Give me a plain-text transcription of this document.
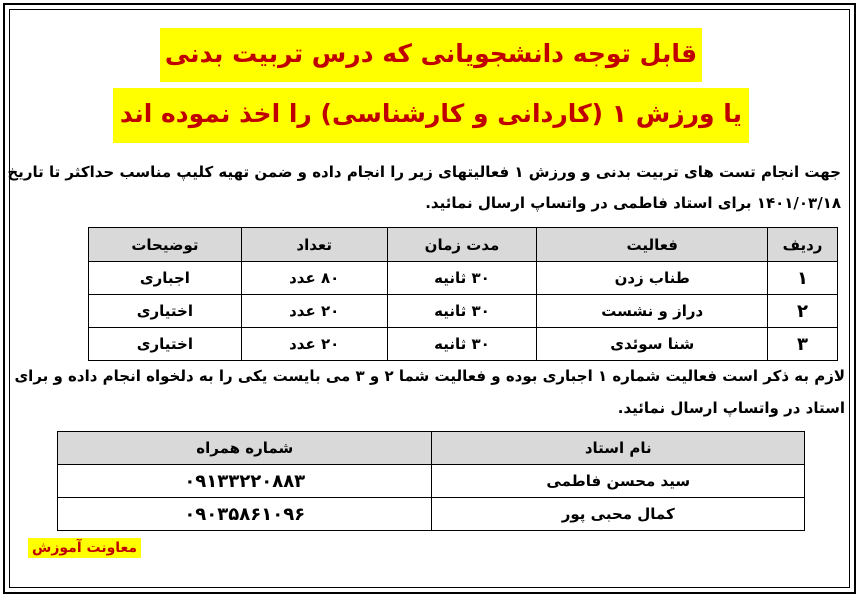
قابل توجه دانشجویانی که درس تربیت بدنی
یا ورزش ۱ (کاردانی و کارشناسی) را اخذ نموده اند
جهت انجام تست های تربیت بدنی و ورزش ۱ فعالیتهای زیر را انجام داده و ضمن تهیه کلیپ مناسب حداکثر تا تاریخ
۱۴۰۱/۰۳/۱۸ برای استاد فاطمی در واتساپ ارسال نمائید.
ردیف	فعالیت	مدت زمان	تعداد	توضیحات
۱	طناب زدن	۳۰ ثانیه	۸۰ عدد	اجباری
۲	دراز و نشست	۳۰ ثانیه	۲۰ عدد	اختیاری
۳	شنا سوئدی	۳۰ ثانیه	۲۰ عدد	اختیاری
لازم به ذکر است فعالیت شماره ۱ اجباری بوده و فعالیت شما ۲ و ۳ می بایست یکی را به دلخواه انجام داده و برای
استاد در واتساپ ارسال نمائید.
نام استاد	شماره همراه
سید محسن فاطمی	۰۹۱۳۳۲۲۰۸۸۳
کمال محبی پور	۰۹۰۳۵۸۶۱۰۹۶
معاونت آموزش
